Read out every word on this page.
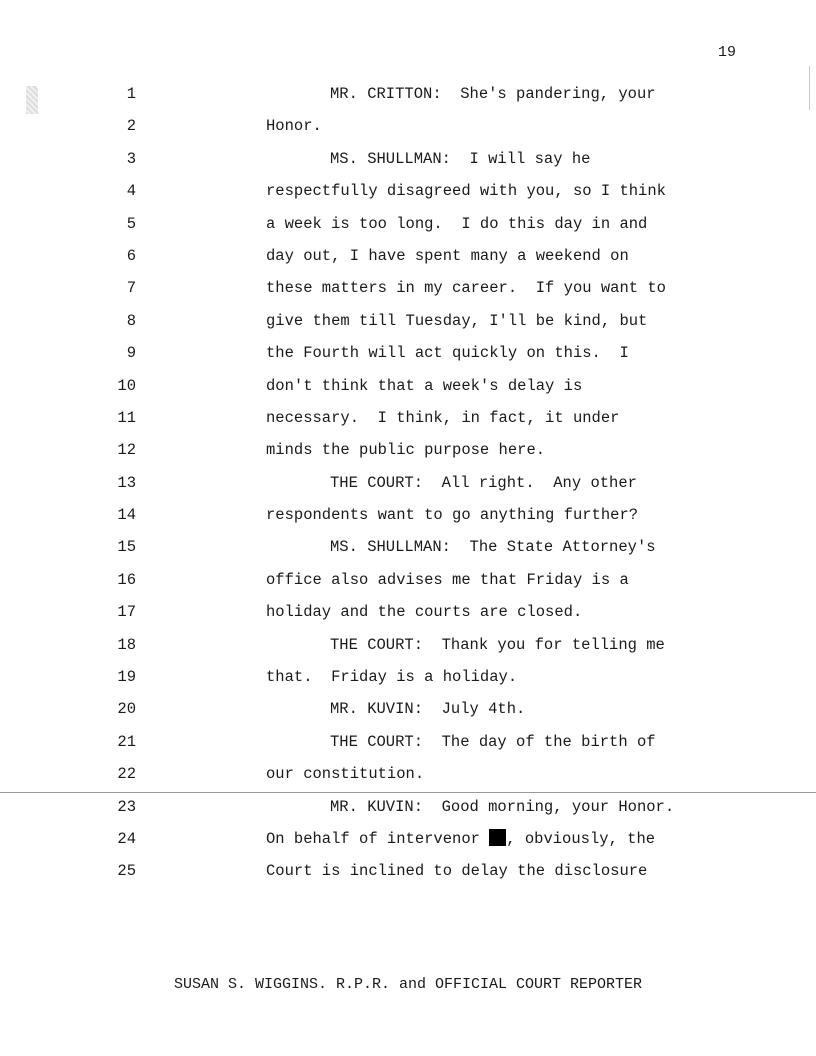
19
1	MR. CRITTON:  She's pandering, your
2	Honor.
3	MS. SHULLMAN:  I will say he
4	respectfully disagreed with you, so I think
5	a week is too long.  I do this day in and
6	day out, I have spent many a weekend on
7	these matters in my career.  If you want to
8	give them till Tuesday, I'll be kind, but
9	the Fourth will act quickly on this.  I
10	don't think that a week's delay is
11	necessary.  I think, in fact, it under
12	minds the public purpose here.
13	THE COURT:  All right.  Any other
14	respondents want to go anything further?
15	MS. SHULLMAN:  The State Attorney's
16	office also advises me that Friday is a
17	holiday and the courts are closed.
18	THE COURT:  Thank you for telling me
19	that.  Friday is a holiday.
20	MR. KUVIN:  July 4th.
21	THE COURT:  The day of the birth of
22	our constitution.
23	MR. KUVIN:  Good morning, your Honor.
24	On behalf of intervenor , obviously, the
25	Court is inclined to delay the disclosure
SUSAN S. WIGGINS. R.P.R. and OFFICIAL COURT REPORTER
